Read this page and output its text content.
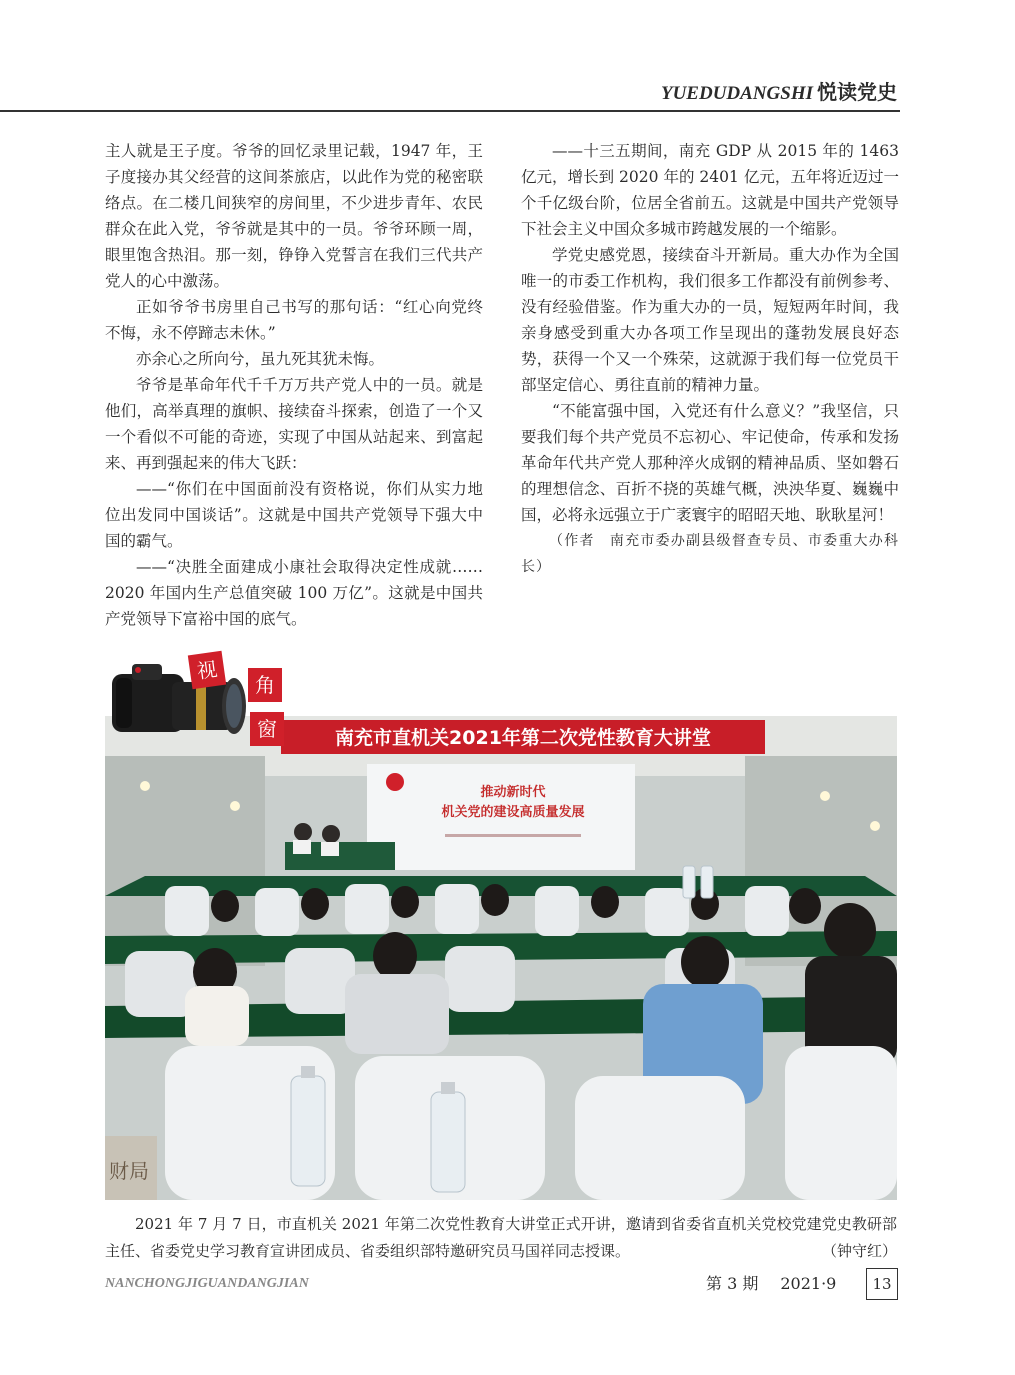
YUEDUDANGSHI 悦读党史

主人就是王子度。爷爷的回忆录里记载，1947 年，王子度接办其父经营的这间茶旅店，以此作为党的秘密联络点。在二楼几间狭窄的房间里，不少进步青年、农民群众在此入党，爷爷就是其中的一员。爷爷环顾一周，眼里饱含热泪。那一刻，铮铮入党誓言在我们三代共产党人的心中激荡。

正如爷爷书房里自己书写的那句话：“红心向党终不悔，永不停蹄志未休。”

亦余心之所向兮，虽九死其犹未悔。

爷爷是革命年代千千万万共产党人中的一员。就是他们，高举真理的旗帜、接续奋斗探索，创造了一个又一个看似不可能的奇迹，实现了中国从站起来、到富起来、再到强起来的伟大飞跃：

——“你们在中国面前没有资格说，你们从实力地位出发同中国谈话”。这就是中国共产党领导下强大中国的霸气。

——“决胜全面建成小康社会取得决定性成就……2020 年国内生产总值突破 100 万亿”。这就是中国共产党领导下富裕中国的底气。

——十三五期间，南充 GDP 从 2015 年的 1463 亿元，增长到 2020 年的 2401 亿元，五年将近迈过一个千亿级台阶，位居全省前五。这就是中国共产党领导下社会主义中国众多城市跨越发展的一个缩影。

学党史感党恩，接续奋斗开新局。重大办作为全国唯一的市委工作机构，我们很多工作都没有前例参考、没有经验借鉴。作为重大办的一员，短短两年时间，我亲身感受到重大办各项工作呈现出的蓬勃发展良好态势，获得一个又一个殊荣，这就源于我们每一位党员干部坚定信心、勇往直前的精神力量。

“不能富强中国，入党还有什么意义？”我坚信，只要我们每个共产党员不忘初心、牢记使命，传承和发扬革命年代共产党人那种淬火成钢的精神品质、坚如磐石的理想信念、百折不挠的英雄气概，泱泱华夏、巍巍中国，必将永远强立于广袤寰宇的昭昭天地、耿耿星河！

（作者　南充市委办副县级督查专员、市委重大办科长）

推动新时代
机关党的建设高质量发展
南充市直机关2021年第二次党性教育大讲堂
财局
视
角
窗
2021 年 7 月 7 日，市直机关 2021 年第二次党性教育大讲堂正式开讲，邀请到省委省直机关党校党建党史教研部主任、省委党史学习教育宣讲团成员、省委组织部特邀研究员马国祥同志授课。	（钟守红）
NANCHONGJIGUANDANGJIAN	第 3 期 2021·9	13
